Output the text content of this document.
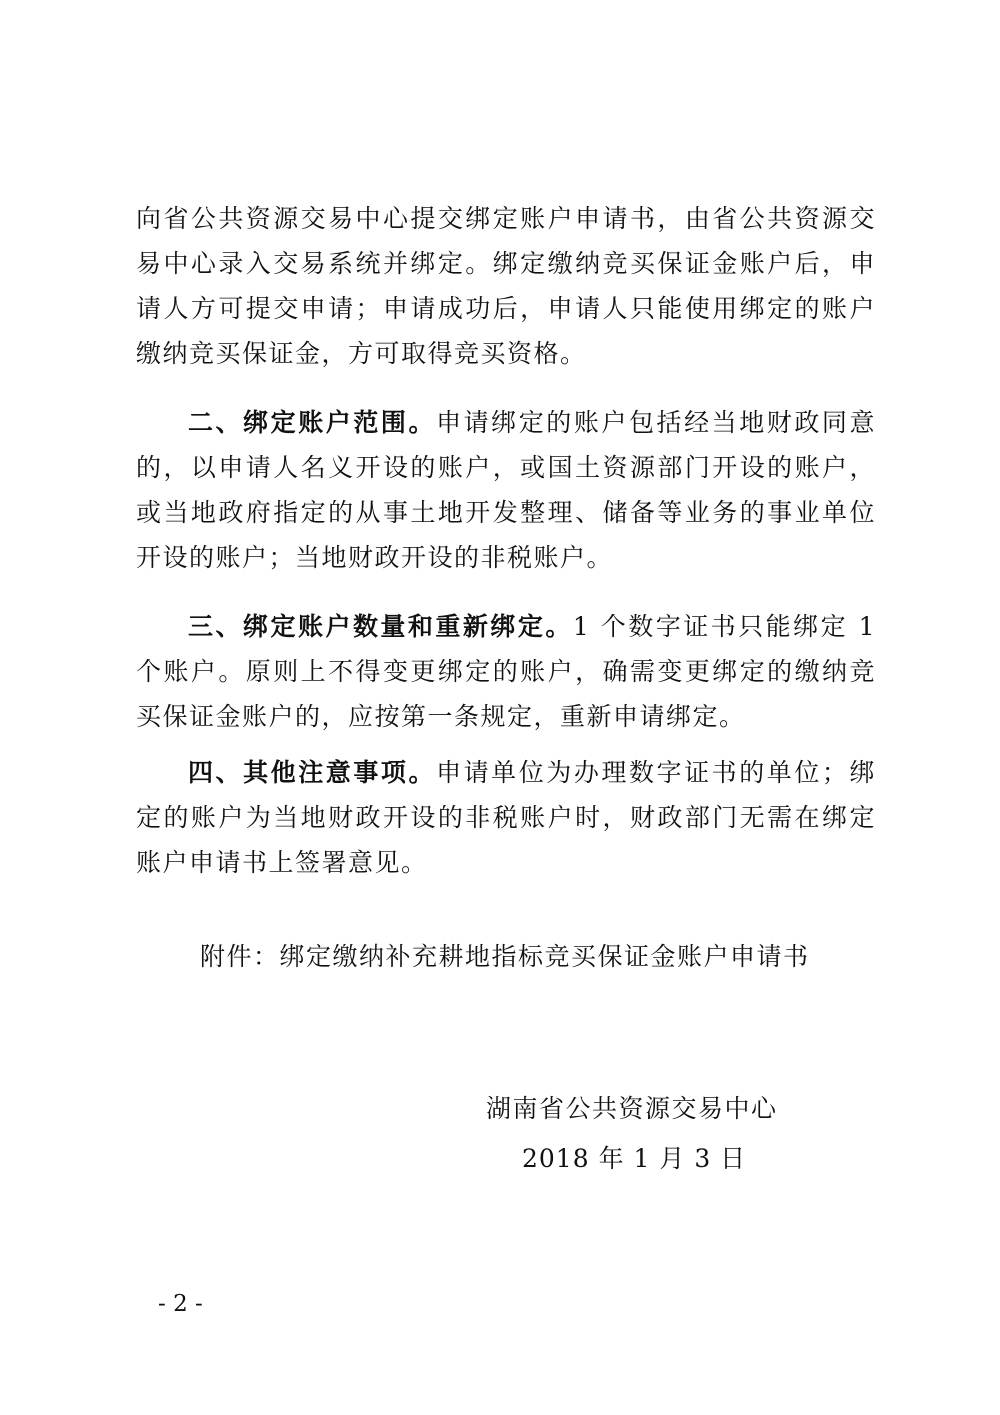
向省公共资源交易中心提交绑定账户申请书，由省公共资源交易中心录入交易系统并绑定。绑定缴纳竞买保证金账户后，申请人方可提交申请；申请成功后，申请人只能使用绑定的账户缴纳竞买保证金，方可取得竞买资格。

二、绑定账户范围。申请绑定的账户包括经当地财政同意的，以申请人名义开设的账户，或国土资源部门开设的账户，或当地政府指定的从事土地开发整理、储备等业务的事业单位开设的账户；当地财政开设的非税账户。

三、绑定账户数量和重新绑定。1 个数字证书只能绑定 1 个账户。原则上不得变更绑定的账户，确需变更绑定的缴纳竞买保证金账户的，应按第一条规定，重新申请绑定。

四、其他注意事项。申请单位为办理数字证书的单位；绑定的账户为当地财政开设的非税账户时，财政部门无需在绑定账户申请书上签署意见。

附件：绑定缴纳补充耕地指标竞买保证金账户申请书

湖南省公共资源交易中心

2018 年 1 月 3 日

- 2 -
